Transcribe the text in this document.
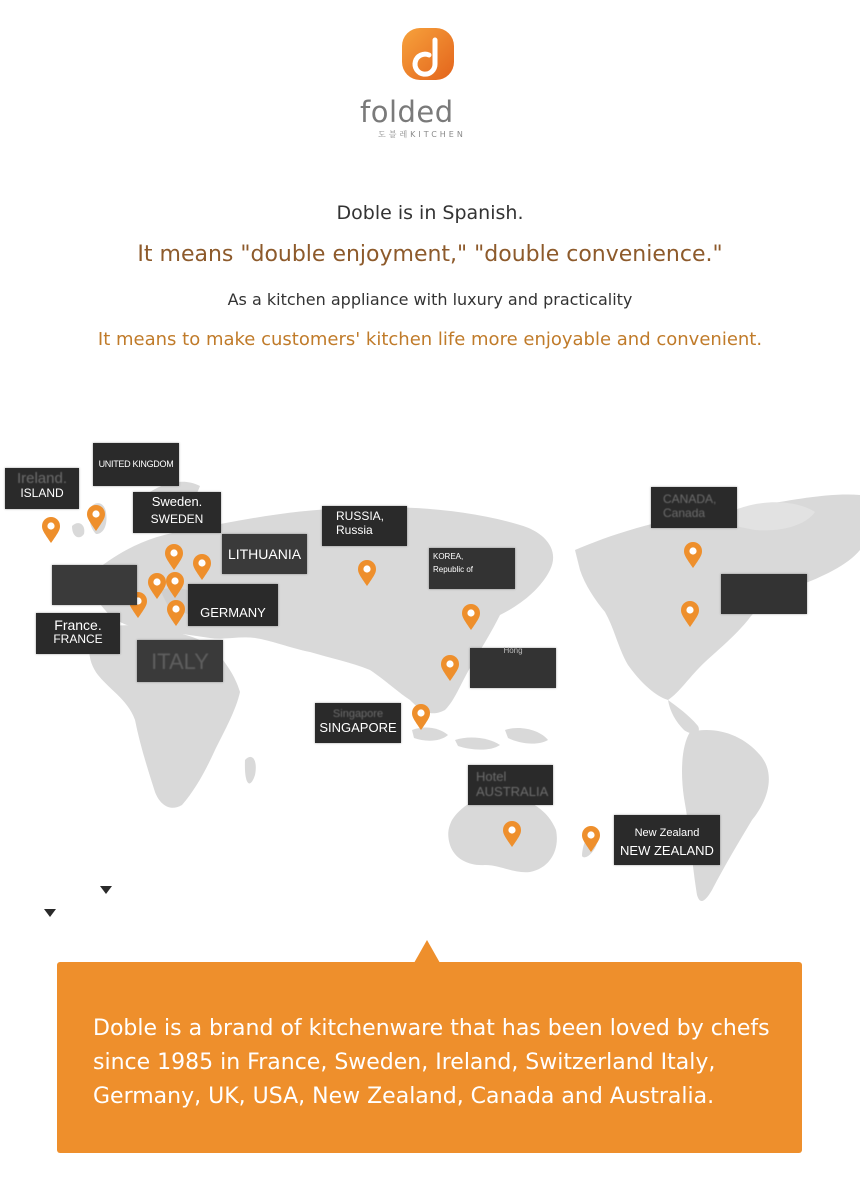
folded
도블레KITCHEN
Doble is in Spanish.
It means "double enjoyment," "double convenience."
As a kitchen appliance with luxury and practicality
It means to make customers' kitchen life more enjoyable and convenient.
Ireland.
ISLAND
UNITED KINGDOM
Sweden.
SWEDEN
LITHUANIA
France.
FRANCE
GERMANY
ITALY
RUSSIA,
Russia
KOREA,
Republic of
Hong
Singapore
SINGAPORE
Hotel
AUSTRALIA
New Zealand
NEW ZEALAND
CANADA,
Canada
Doble is a brand of kitchenware that has been loved by chefs since 1985 in France, Sweden, Ireland, Switzerland Italy, Germany, UK, USA, New Zealand, Canada and Australia.
